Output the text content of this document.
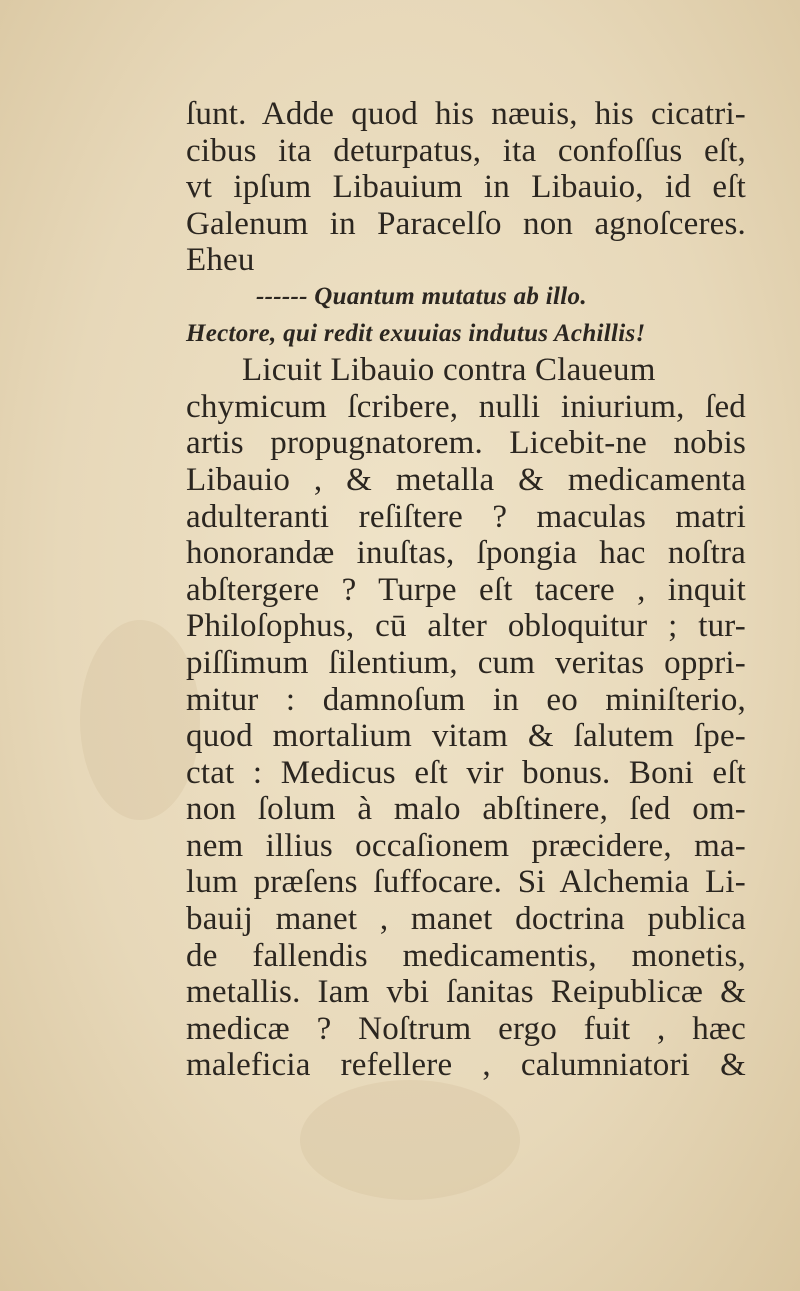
ſunt. Adde quod his næuis, his cicatri-
cibus ita deturpatus, ita confoſſus eſt,
vt ipſum Libauium in Libauio, id eſt
Galenum in Paracelſo non agnoſceres.
Eheu
------ Quantum mutatus ab illo.
Hectore, qui redit exuuias indutus Achillis!
Licuit Libauio contra Claueum
chymicum ſcribere, nulli iniurium, ſed
artis propugnatorem. Licebit-ne nobis
Libauio , & metalla & medicamenta
adulteranti reſiſtere ? maculas matri
honorandæ inuſtas, ſpongia hac noſtra
abſtergere ? Turpe eſt tacere , inquit
Philoſophus, cū alter obloquitur ; tur-
piſſimum ſilentium, cum veritas oppri-
mitur : damnoſum in eo miniſterio,
quod mortalium vitam & ſalutem ſpe-
ctat : Medicus eſt vir bonus. Boni eſt
non ſolum à malo abſtinere, ſed om-
nem illius occaſionem præcidere, ma-
lum præſens ſuffocare. Si Alchemia Li-
bauij manet , manet doctrina publica
de fallendis medicamentis, monetis,
metallis. Iam vbi ſanitas Reipublicæ &
medicæ ? Noſtrum ergo fuit , hæc
maleficia refellere , calumniatori &
